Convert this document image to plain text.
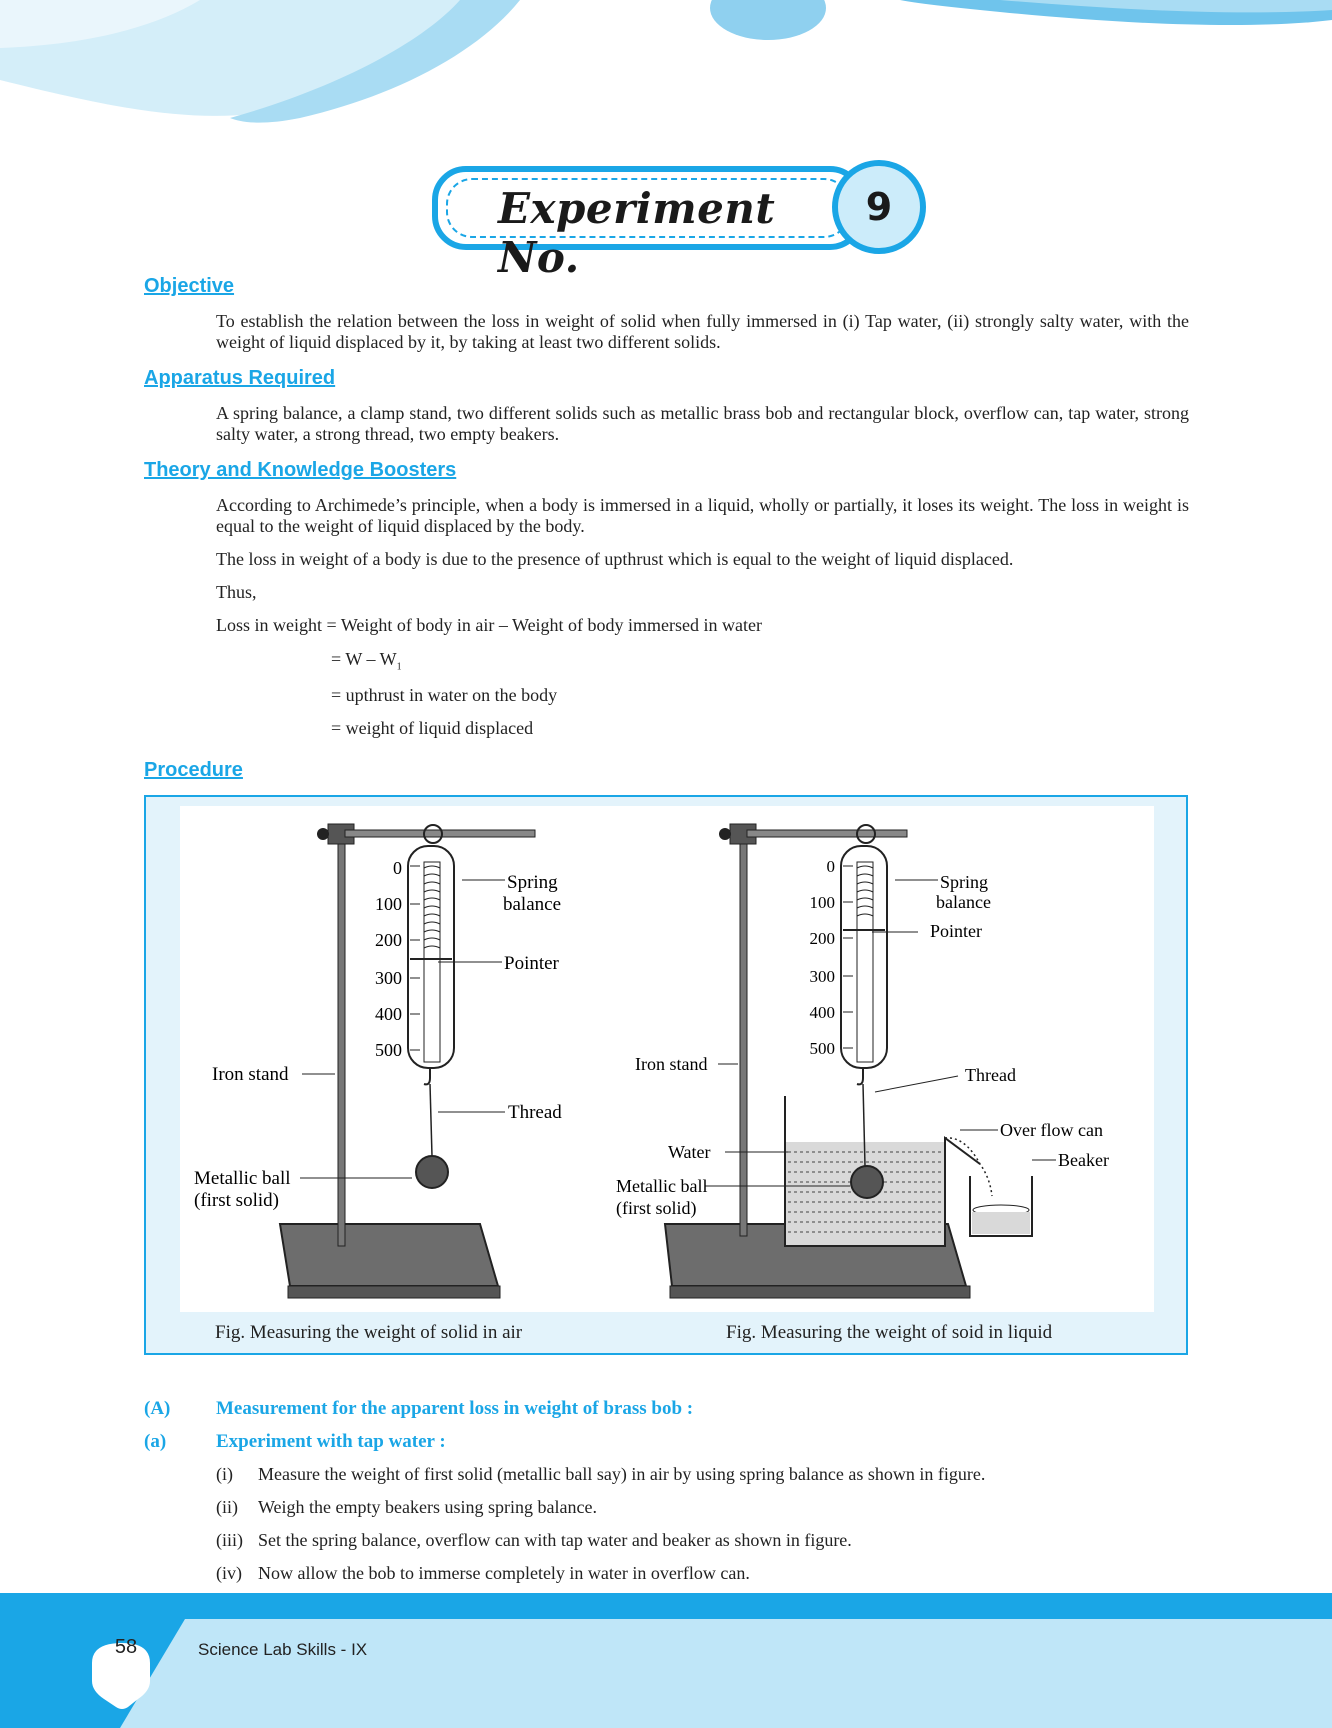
Experiment No.
9
Objective
To establish the relation between the loss in weight of solid when fully immersed in (i) Tap water, (ii) strongly salty water, with the weight of liquid displaced by it, by taking at least two different solids.
Apparatus Required
A spring balance, a clamp stand, two different solids such as metallic brass bob and rectangular block, overflow can, tap water, strong salty water, a strong thread, two empty beakers.
Theory and Knowledge Boosters
According to Archimede’s principle, when a body is immersed in a liquid, wholly or partially, it loses its weight. The loss in weight is equal to the weight of liquid displaced by the body.
The loss in weight of a body is due to the presence of upthrust which is equal to the weight of liquid displaced.
Thus,
Loss in weight = Weight of body in air – Weight of body immersed in water
= W – $W_1$
= upthrust in water on the body
= weight of liquid displaced
Procedure
0
100
200
300
400
500
Spring
balance
Pointer
Thread
Iron stand
Metallic ball
(first solid)
0
100
200
300
400
500
Spring
balance
Pointer
Thread
Over flow can
Beaker
Iron stand
Water
Metallic ball
(first solid)
Fig. Measuring the weight of solid in air	Fig. Measuring the weight of soid in liquid
(A) Measurement for the apparent loss in weight of brass bob :
(a)	Experiment with tap water :
(i) Measure the weight of first solid (metallic ball say) in air by using spring balance as shown in figure.
(ii) Weigh the empty beakers using spring balance.
(iii) Set the spring balance, overflow can with tap water and beaker as shown in figure.
(iv) Now allow the bob to immerse completely in water in overflow can.
58	Science Lab Skills - IX
